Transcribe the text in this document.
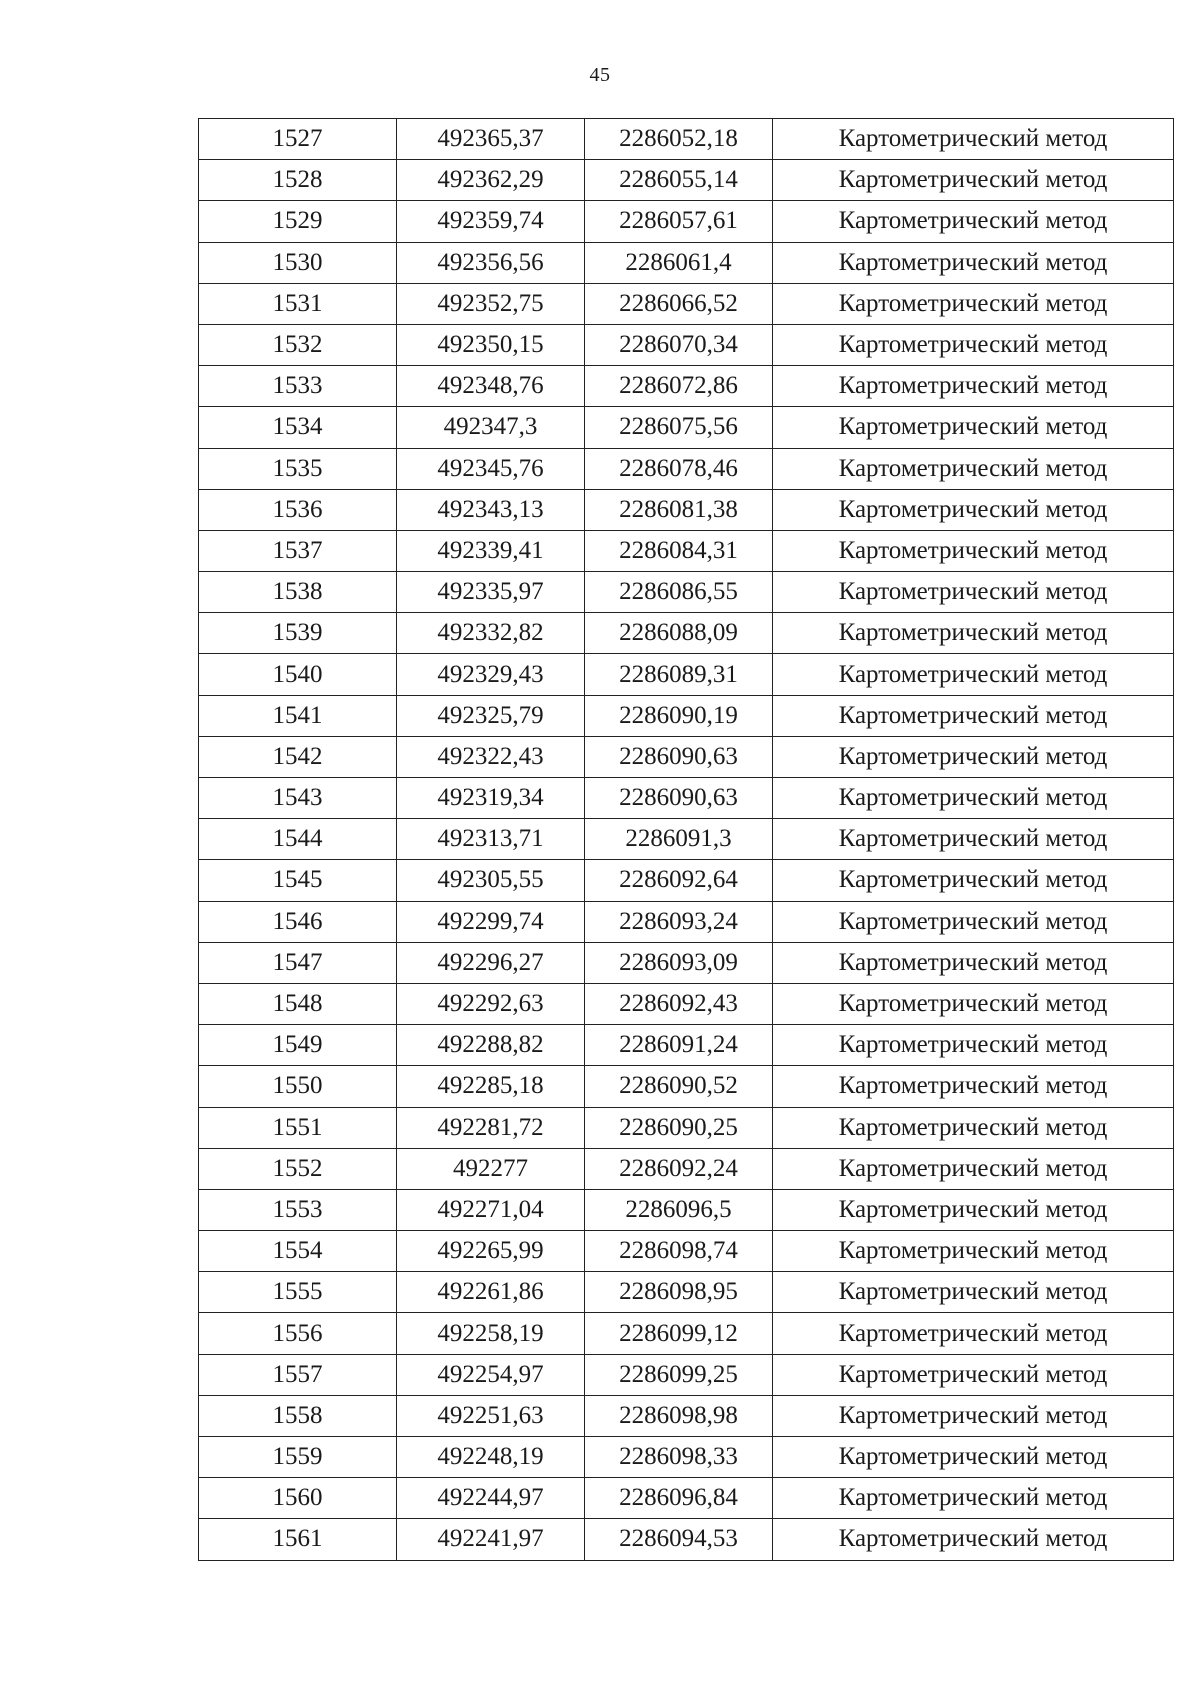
45
1527	492365,37	2286052,18	Картометрический метод
1528	492362,29	2286055,14	Картометрический метод
1529	492359,74	2286057,61	Картометрический метод
1530	492356,56	2286061,4	Картометрический метод
1531	492352,75	2286066,52	Картометрический метод
1532	492350,15	2286070,34	Картометрический метод
1533	492348,76	2286072,86	Картометрический метод
1534	492347,3	2286075,56	Картометрический метод
1535	492345,76	2286078,46	Картометрический метод
1536	492343,13	2286081,38	Картометрический метод
1537	492339,41	2286084,31	Картометрический метод
1538	492335,97	2286086,55	Картометрический метод
1539	492332,82	2286088,09	Картометрический метод
1540	492329,43	2286089,31	Картометрический метод
1541	492325,79	2286090,19	Картометрический метод
1542	492322,43	2286090,63	Картометрический метод
1543	492319,34	2286090,63	Картометрический метод
1544	492313,71	2286091,3	Картометрический метод
1545	492305,55	2286092,64	Картометрический метод
1546	492299,74	2286093,24	Картометрический метод
1547	492296,27	2286093,09	Картометрический метод
1548	492292,63	2286092,43	Картометрический метод
1549	492288,82	2286091,24	Картометрический метод
1550	492285,18	2286090,52	Картометрический метод
1551	492281,72	2286090,25	Картометрический метод
1552	492277	2286092,24	Картометрический метод
1553	492271,04	2286096,5	Картометрический метод
1554	492265,99	2286098,74	Картометрический метод
1555	492261,86	2286098,95	Картометрический метод
1556	492258,19	2286099,12	Картометрический метод
1557	492254,97	2286099,25	Картометрический метод
1558	492251,63	2286098,98	Картометрический метод
1559	492248,19	2286098,33	Картометрический метод
1560	492244,97	2286096,84	Картометрический метод
1561	492241,97	2286094,53	Картометрический метод
